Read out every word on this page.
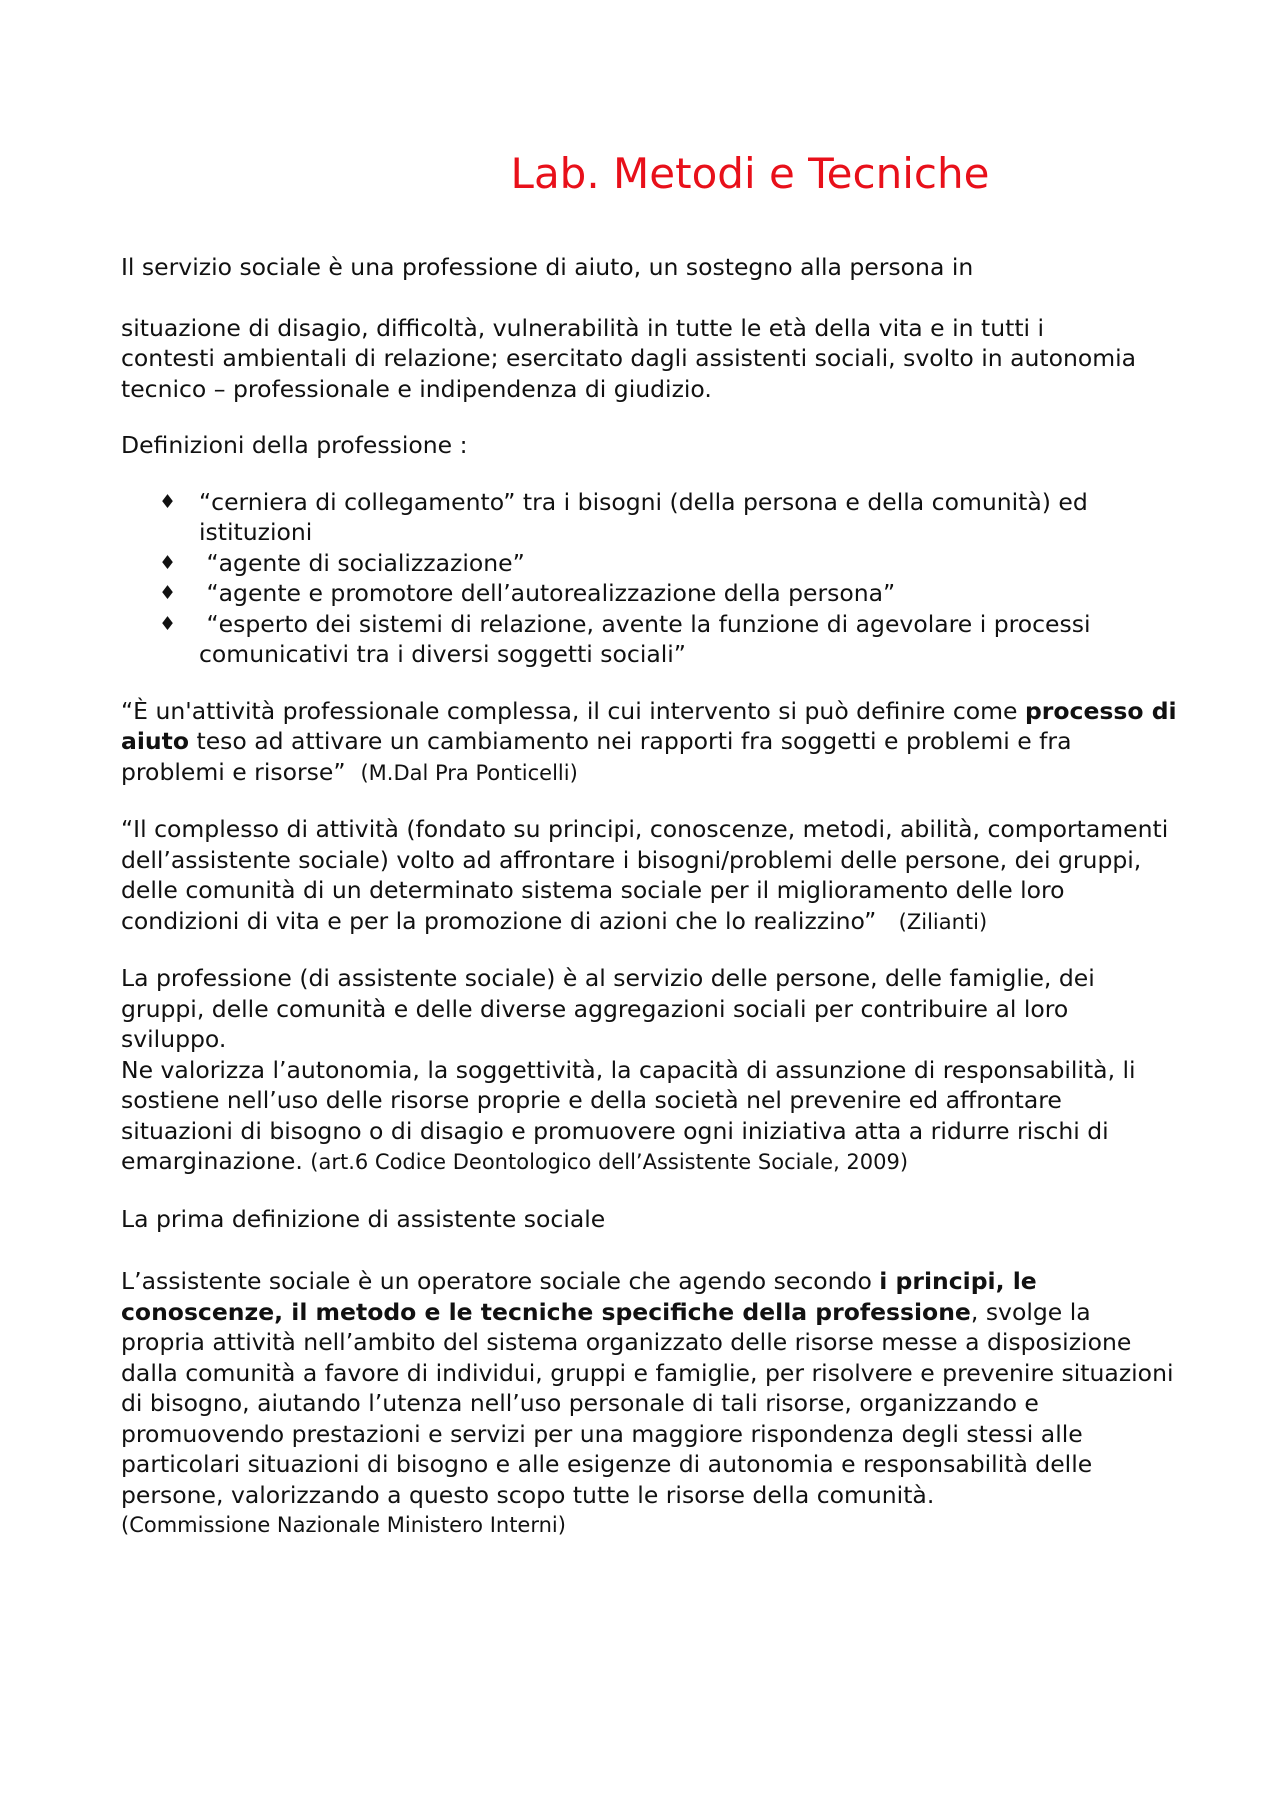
Lab. Metodi e Tecniche

Il servizio sociale è una professione di aiuto, un sostegno alla persona in

situazione di disagio, difficoltà, vulnerabilità in tutte le età della vita e in tutti i

contesti ambientali di relazione; esercitato dagli assistenti sociali, svolto in autonomia

tecnico – professionale e indipendenza di giudizio.

Definizioni della professione :

♦ “cerniera di collegamento” tra i bisogni (della persona e della comunità) ed istituzioni
♦ “agente di socializzazione”
♦ “agente e promotore dell’autorealizzazione della persona”
♦ “esperto dei sistemi di relazione, avente la funzione di agevolare i processi comunicativi tra i diversi soggetti sociali”

“È un'attività professionale complessa, il cui intervento si può definire come processo di aiuto teso ad attivare un cambiamento nei rapporti fra soggetti e problemi e fra problemi e risorse”  (M.Dal Pra Ponticelli)

“Il complesso di attività (fondato su principi, conoscenze, metodi, abilità, comportamenti dell’assistente sociale) volto ad affrontare i bisogni/problemi delle persone, dei gruppi, delle comunità di un determinato sistema sociale per il miglioramento delle loro condizioni di vita e per la promozione di azioni che lo realizzino”   (Zilianti)

La professione (di assistente sociale) è al servizio delle persone, delle famiglie, dei gruppi, delle comunità e delle diverse aggregazioni sociali per contribuire al loro sviluppo.

Ne valorizza l’autonomia, la soggettività, la capacità di assunzione di responsabilità, li sostiene nell’uso delle risorse proprie e della società nel prevenire ed affrontare situazioni di bisogno o di disagio e promuovere ogni iniziativa atta a ridurre rischi di emarginazione. (art.6 Codice Deontologico dell’Assistente Sociale, 2009)

La prima definizione di assistente sociale

L’assistente sociale è un operatore sociale che agendo secondo i principi, le conoscenze, il metodo e le tecniche specifiche della professione, svolge la propria attività nell’ambito del sistema organizzato delle risorse messe a disposizione dalla comunità a favore di individui, gruppi e famiglie, per risolvere e prevenire situazioni di bisogno, aiutando l’utenza nell’uso personale di tali risorse, organizzando e promuovendo prestazioni e servizi per una maggiore rispondenza degli stessi alle particolari situazioni di bisogno e alle esigenze di autonomia e responsabilità delle

persone, valorizzando a questo scopo tutte le risorse della comunità.

(Commissione Nazionale Ministero Interni)
